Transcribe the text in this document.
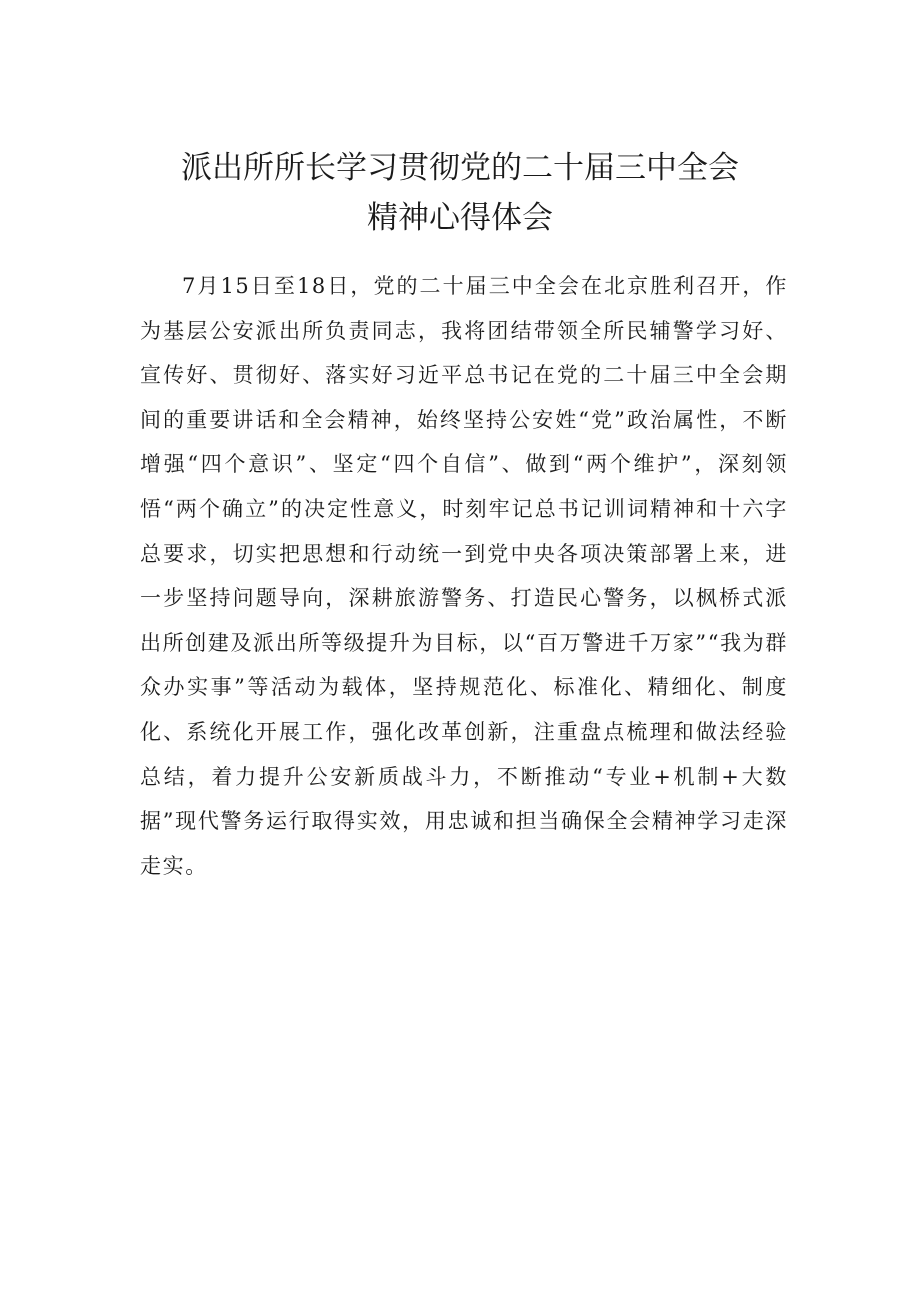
派出所所长学习贯彻党的二十届三中全会
精神心得体会

7月15日至18日，党的二十届三中全会在北京胜利召开，作为基层公安派出所负责同志，我将团结带领全所民辅警学习好、宣传好、贯彻好、落实好习近平总书记在党的二十届三中全会期间的重要讲话和全会精神，始终坚持公安姓“党”政治属性，不断增强“四个意识”、坚定“四个自信”、做到“两个维护”，深刻领悟“两个确立”的决定性意义，时刻牢记总书记训词精神和十六字总要求，切实把思想和行动统一到党中央各项决策部署上来，进一步坚持问题导向，深耕旅游警务、打造民心警务，以枫桥式派出所创建及派出所等级提升为目标，以“百万警进千万家”“我为群众办实事”等活动为载体，坚持规范化、标准化、精细化、制度化、系统化开展工作，强化改革创新，注重盘点梳理和做法经验总结，着力提升公安新质战斗力，不断推动“专业+机制+大数据”现代警务运行取得实效，用忠诚和担当确保全会精神学习走深走实。
